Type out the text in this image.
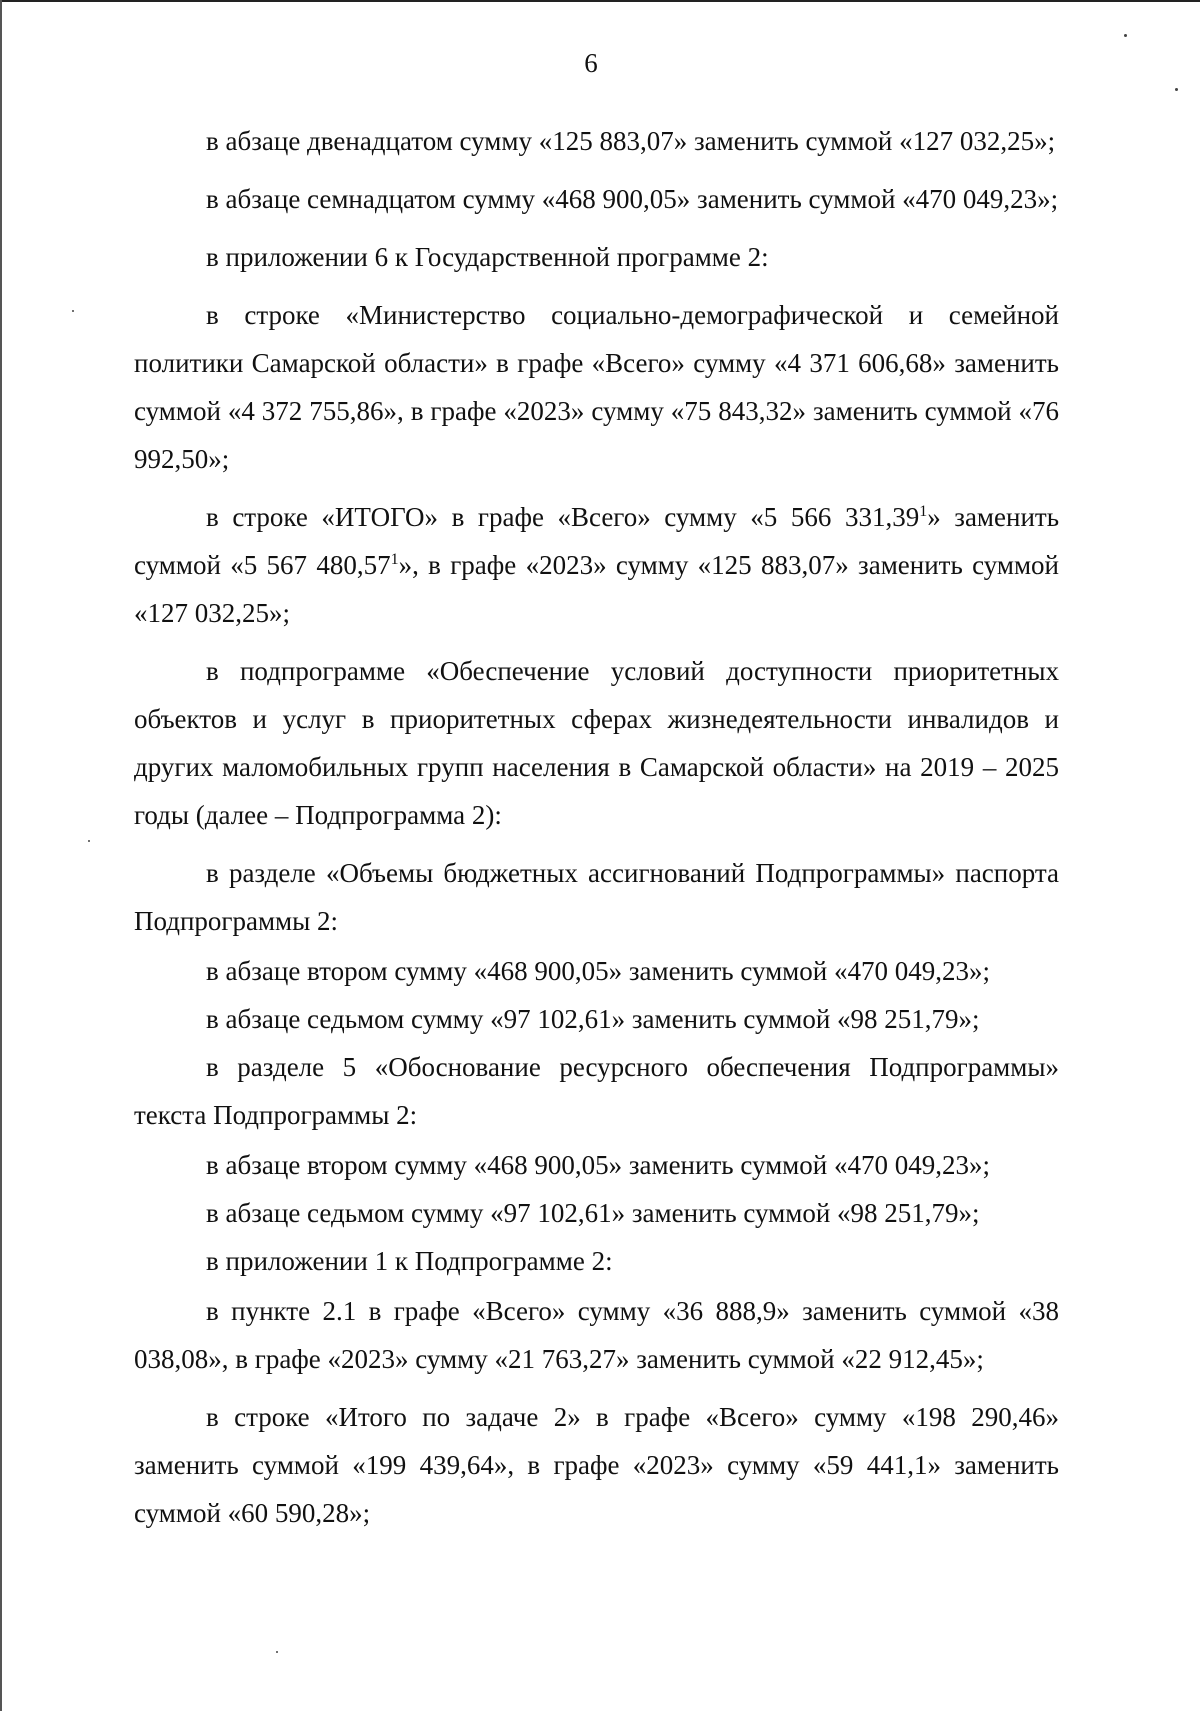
6

в абзаце двенадцатом сумму «125 883,07» заменить суммой «127 032,25»;

в абзаце семнадцатом сумму «468 900,05» заменить суммой «470 049,23»;

в приложении 6 к Государственной программе 2:

в строке «Министерство социально-демографической и семейной политики Самарской области» в графе «Всего» сумму «4 371 606,68» заменить суммой «4 372 755,86», в графе «2023» сумму «75 843,32» заменить суммой «76 992,50»;

в строке «ИТОГО» в графе «Всего» сумму «5 566 331,39$^1$» заменить суммой «5 567 480,57$^1$», в графе «2023» сумму «125 883,07» заменить суммой «127 032,25»;

в подпрограмме «Обеспечение условий доступности приоритетных объектов и услуг в приоритетных сферах жизнедеятельности инвалидов и других маломобильных групп населения в Самарской области» на 2019 – 2025 годы (далее – Подпрограмма 2):

в разделе «Объемы бюджетных ассигнований Подпрограммы» паспорта Подпрограммы 2:

в абзаце втором сумму «468 900,05» заменить суммой «470 049,23»;

в абзаце седьмом сумму «97 102,61» заменить суммой «98 251,79»;

в разделе 5 «Обоснование ресурсного обеспечения Подпрограммы» текста Подпрограммы 2:

в абзаце втором сумму «468 900,05» заменить суммой «470 049,23»;

в абзаце седьмом сумму «97 102,61» заменить суммой «98 251,79»;

в приложении 1 к Подпрограмме 2:

в пункте 2.1 в графе «Всего» сумму «36 888,9» заменить суммой «38 038,08», в графе «2023» сумму «21 763,27» заменить суммой «22 912,45»;

в строке «Итого по задаче 2» в графе «Всего» сумму «198 290,46» заменить суммой «199 439,64», в графе «2023» сумму «59 441,1» заменить суммой «60 590,28»;
